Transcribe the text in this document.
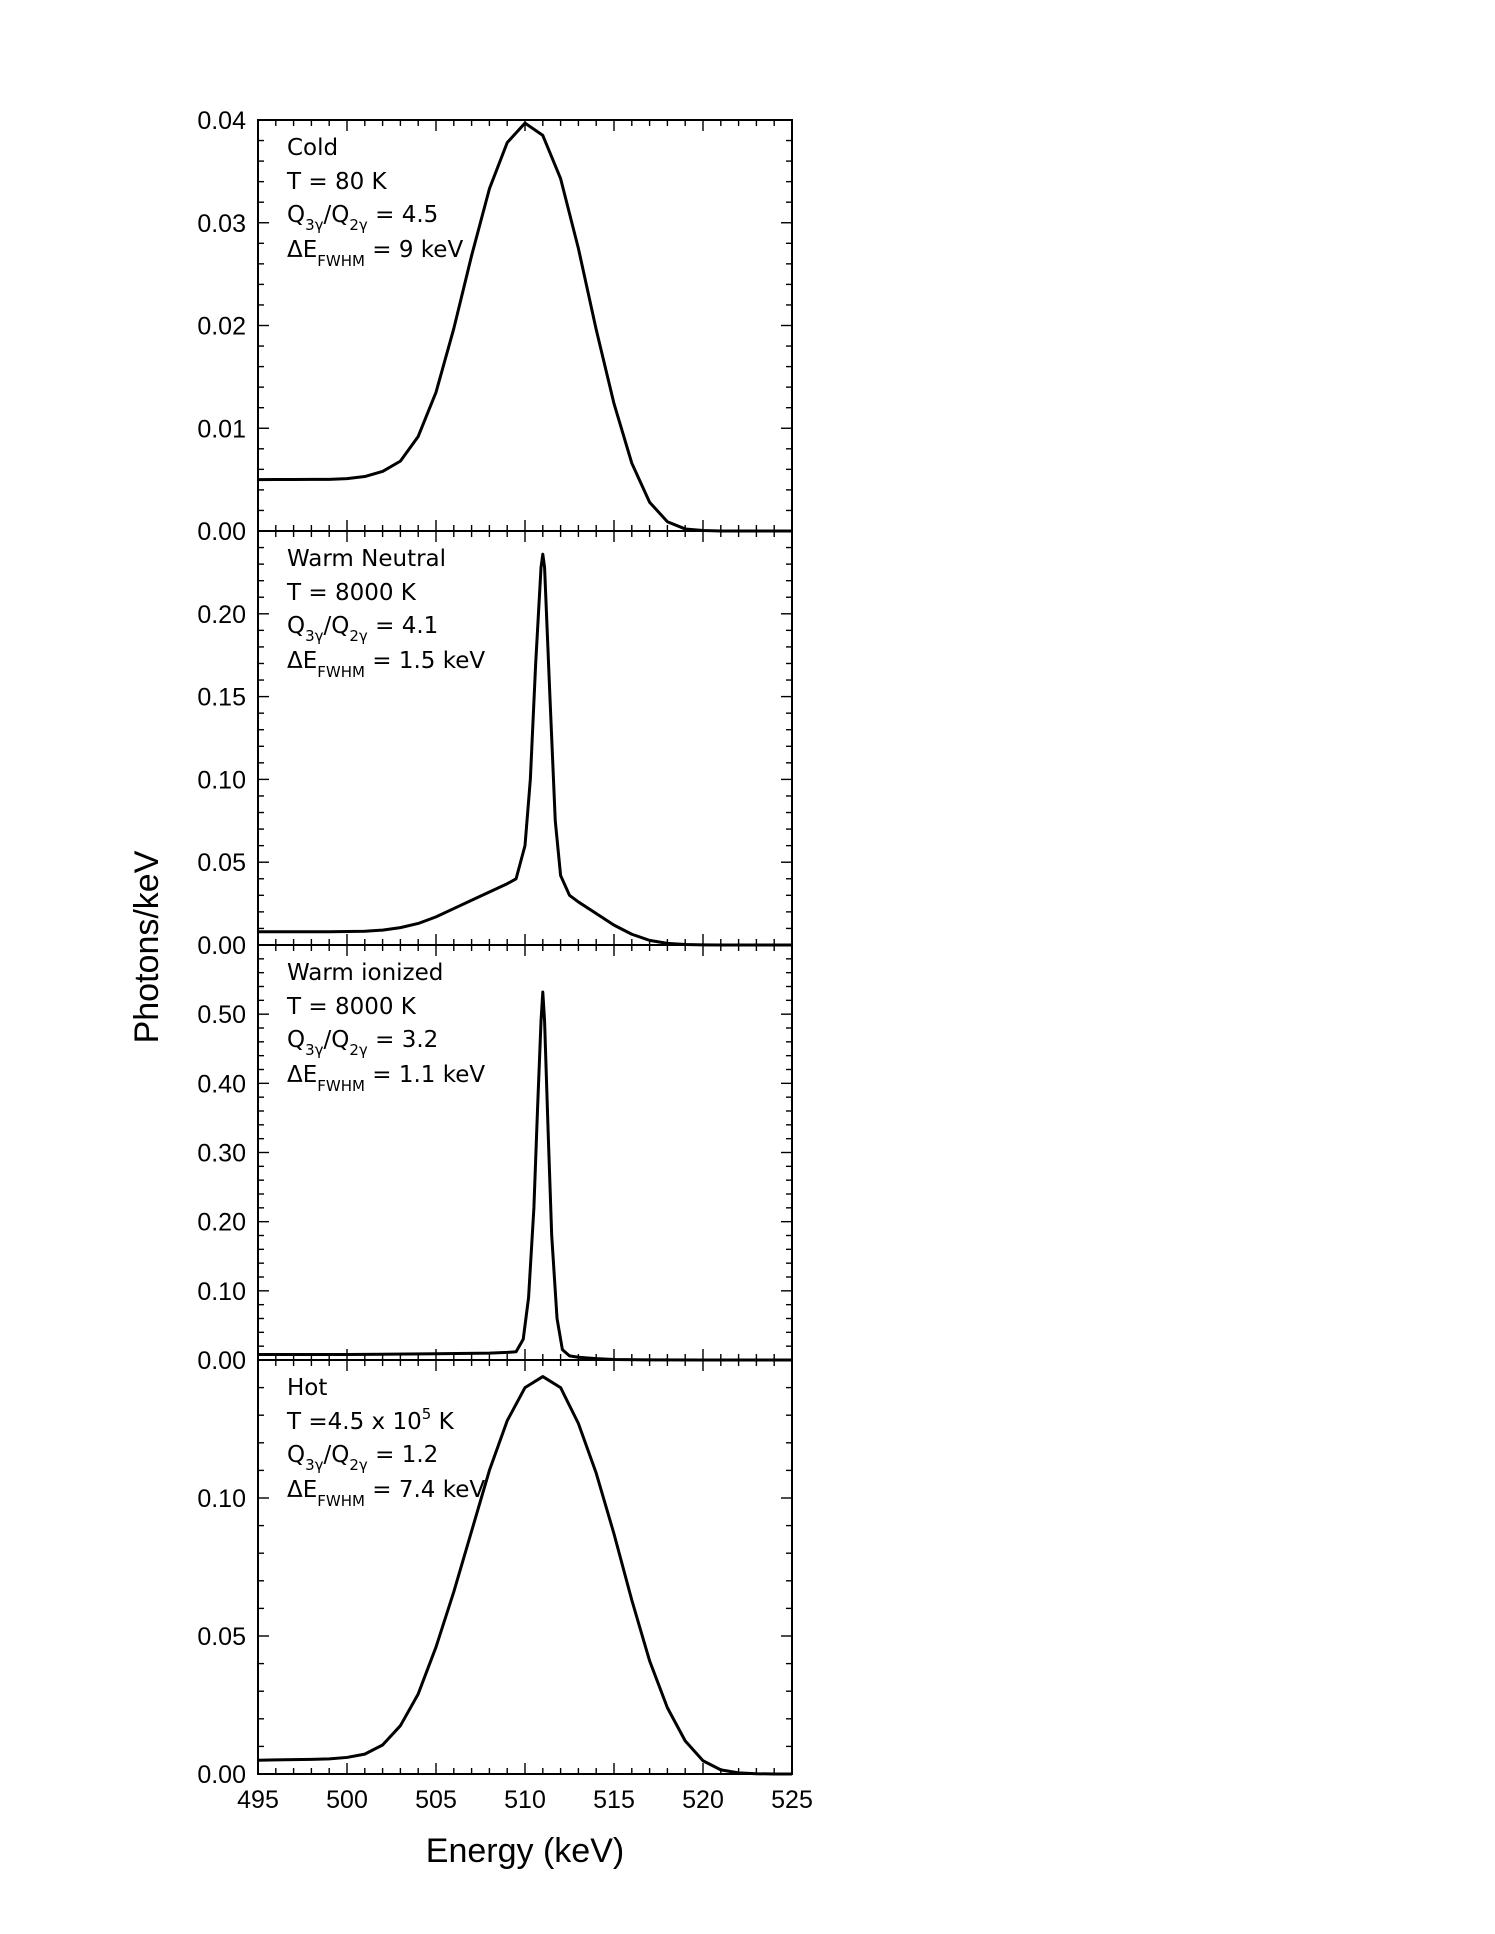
0.00
0.01
0.02
0.03
0.04
0.00
0.05
0.10
0.15
0.20
0.00
0.10
0.20
0.30
0.40
0.50
0.00
0.05
0.10
495 500 505 510 515 520 525
Cold
T = 80 K
$Q_{3\gamma}/Q_{2\gamma} = 4.5$
$\Delta E_{FWHM} = 9$ keV
Warm Neutral
T = 8000 K
$Q_{3\gamma}/Q_{2\gamma} = 4.1$
$\Delta E_{FWHM} = 1.5$ keV
Warm ionized
T = 8000 K
$Q_{3\gamma}/Q_{2\gamma} = 3.2$
$\Delta E_{FWHM} = 1.1$ keV
Hot
T =4.5 x $10^5$ K
$Q_{3\gamma}/Q_{2\gamma} = 1.2$
$\Delta E_{FWHM} = 7.4$ keV
Energy (keV)
Photons/keV
